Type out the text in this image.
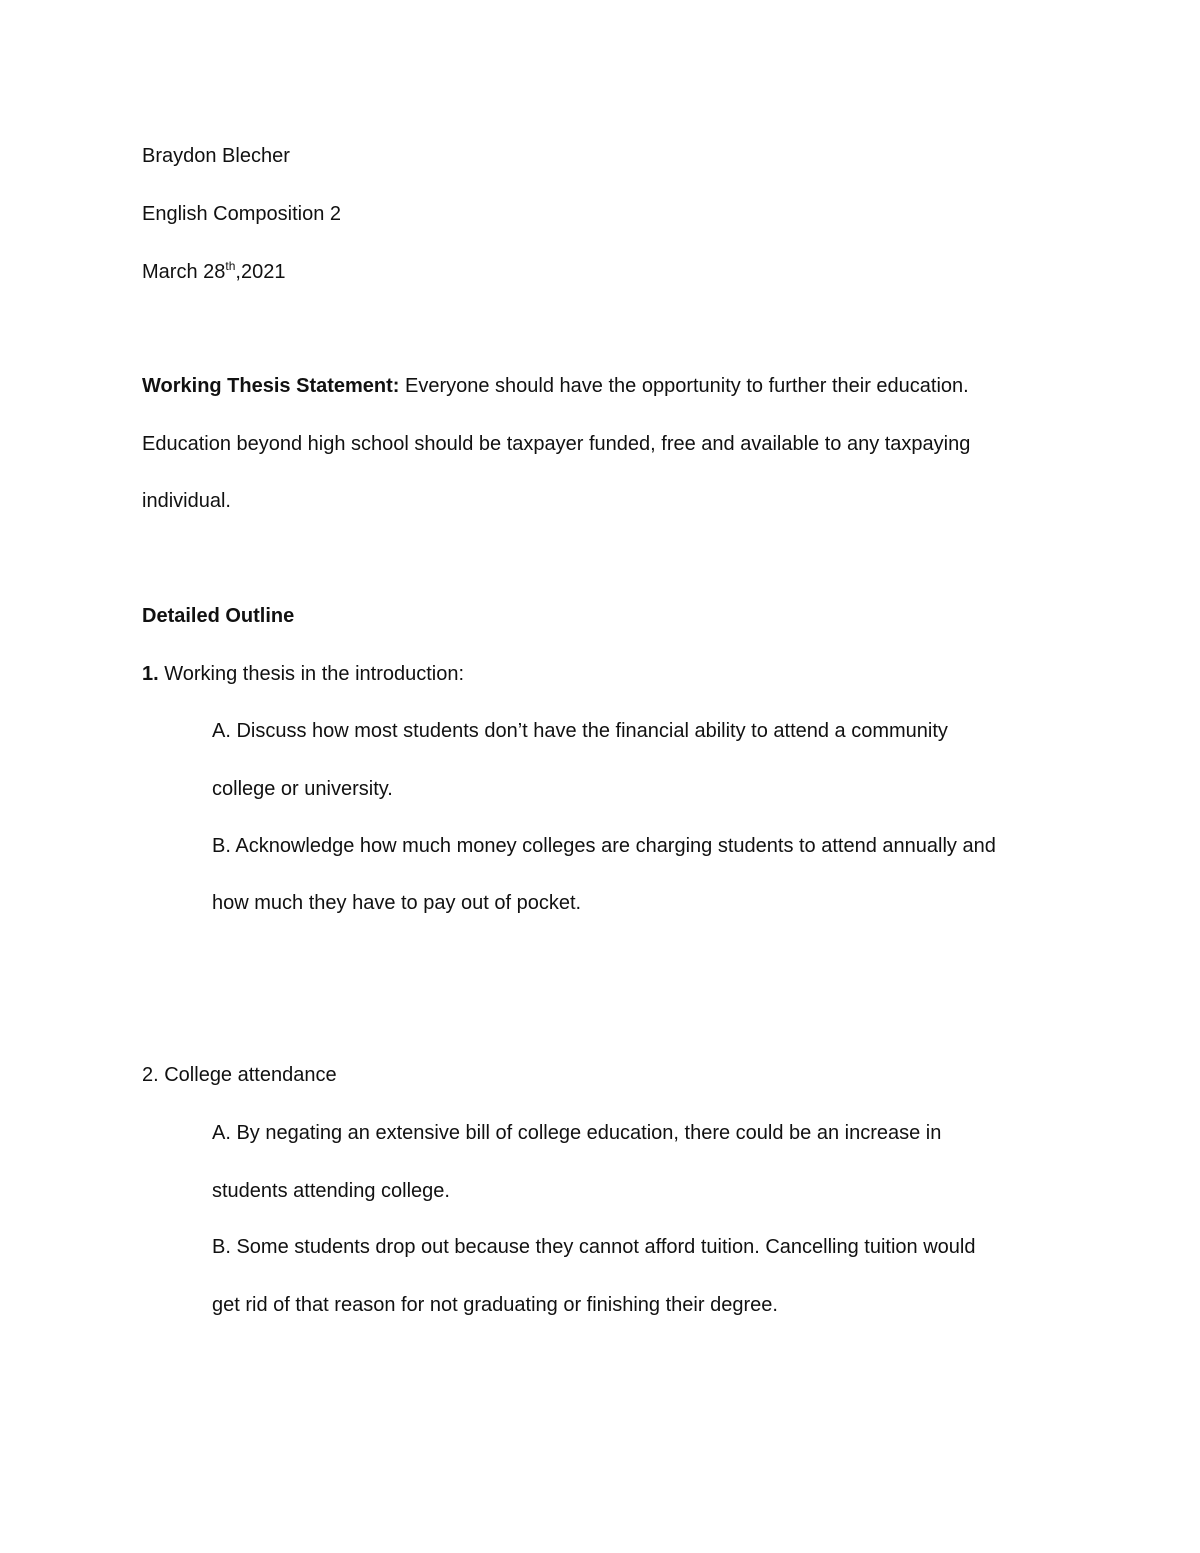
Braydon Blecher
English Composition 2
March 28th,2021
Working Thesis Statement: Everyone should have the opportunity to further their education.
Education beyond high school should be taxpayer funded, free and available to any taxpaying
individual.
Detailed Outline
1. Working thesis in the introduction:
A. Discuss how most students don’t have the financial ability to attend a community
college or university.
B. Acknowledge how much money colleges are charging students to attend annually and
how much they have to pay out of pocket.
2. College attendance
A. By negating an extensive bill of college education, there could be an increase in
students attending college.
B. Some students drop out because they cannot afford tuition. Cancelling tuition would
get rid of that reason for not graduating or finishing their degree.
